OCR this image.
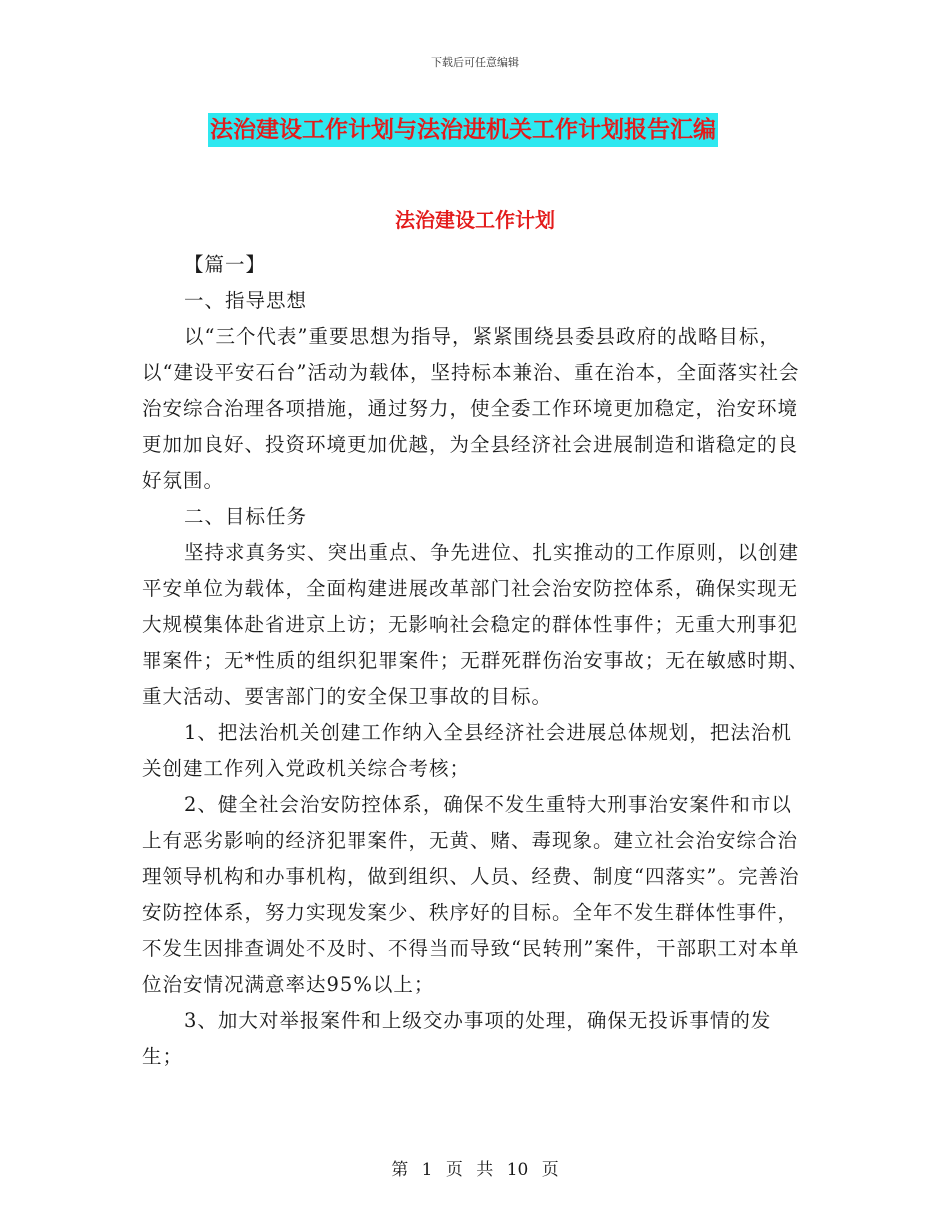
下载后可任意编辑
法治建设工作计划与法治进机关工作计划报告汇编
法治建设工作计划

【篇一】

一、指导思想

以“三个代表”重要思想为指导，紧紧围绕县委县政府的战略目标，以“建设平安石台”活动为载体，坚持标本兼治、重在治本，全面落实社会治安综合治理各项措施，通过努力，使全委工作环境更加稳定，治安环境更加加良好、投资环境更加优越，为全县经济社会进展制造和谐稳定的良好氛围。

二、目标任务

坚持求真务实、突出重点、争先进位、扎实推动的工作原则，以创建平安单位为载体，全面构建进展改革部门社会治安防控体系，确保实现无大规模集体赴省进京上访；无影响社会稳定的群体性事件；无重大刑事犯罪案件；无*性质的组织犯罪案件；无群死群伤治安事故；无在敏感时期、重大活动、要害部门的安全保卫事故的目标。

1、把法治机关创建工作纳入全县经济社会进展总体规划，把法治机关创建工作列入党政机关综合考核；

2、健全社会治安防控体系，确保不发生重特大刑事治安案件和市以上有恶劣影响的经济犯罪案件，无黄、赌、毒现象。建立社会治安综合治理领导机构和办事机构，做到组织、人员、经费、制度“四落实”。完善治安防控体系，努力实现发案少、秩序好的目标。全年不发生群体性事件，不发生因排查调处不及时、不得当而导致“民转刑”案件，干部职工对本单位治安情况满意率达95%以上；

3、加大对举报案件和上级交办事项的处理，确保无投诉事情的发生；

第 1 页 共 10 页
